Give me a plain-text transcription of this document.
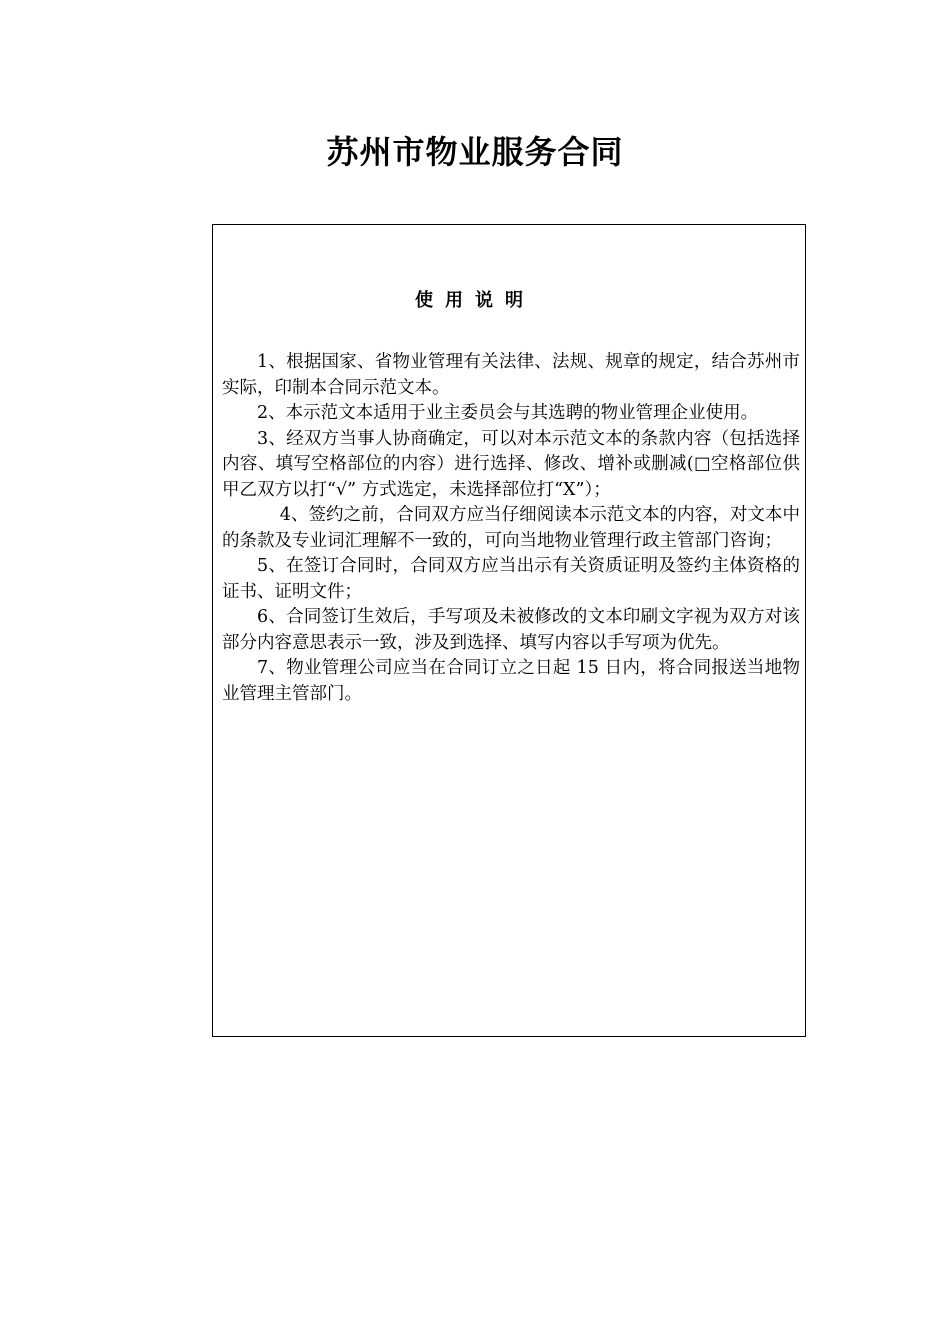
苏州市物业服务合同
使用说明

1、根据国家、省物业管理有关法律、法规、规章的规定，结合苏州市实际，印制本合同示范文本。

2、本示范文本适用于业主委员会与其选聘的物业管理企业使用。

3、经双方当事人协商确定，可以对本示范文本的条款内容（包括选择内容、填写空格部位的内容）进行选择、修改、增补或删减(□空格部位供甲乙双方以打“√” 方式选定，未选择部位打“X”）；

4、签约之前，合同双方应当仔细阅读本示范文本的内容，对文本中的条款及专业词汇理解不一致的，可向当地物业管理行政主管部门咨询；

5、在签订合同时，合同双方应当出示有关资质证明及签约主体资格的证书、证明文件；

6、合同签订生效后，手写项及未被修改的文本印刷文字视为双方对该部分内容意思表示一致，涉及到选择、填写内容以手写项为优先。

7、物业管理公司应当在合同订立之日起 15 日内，将合同报送当地物业管理主管部门。
